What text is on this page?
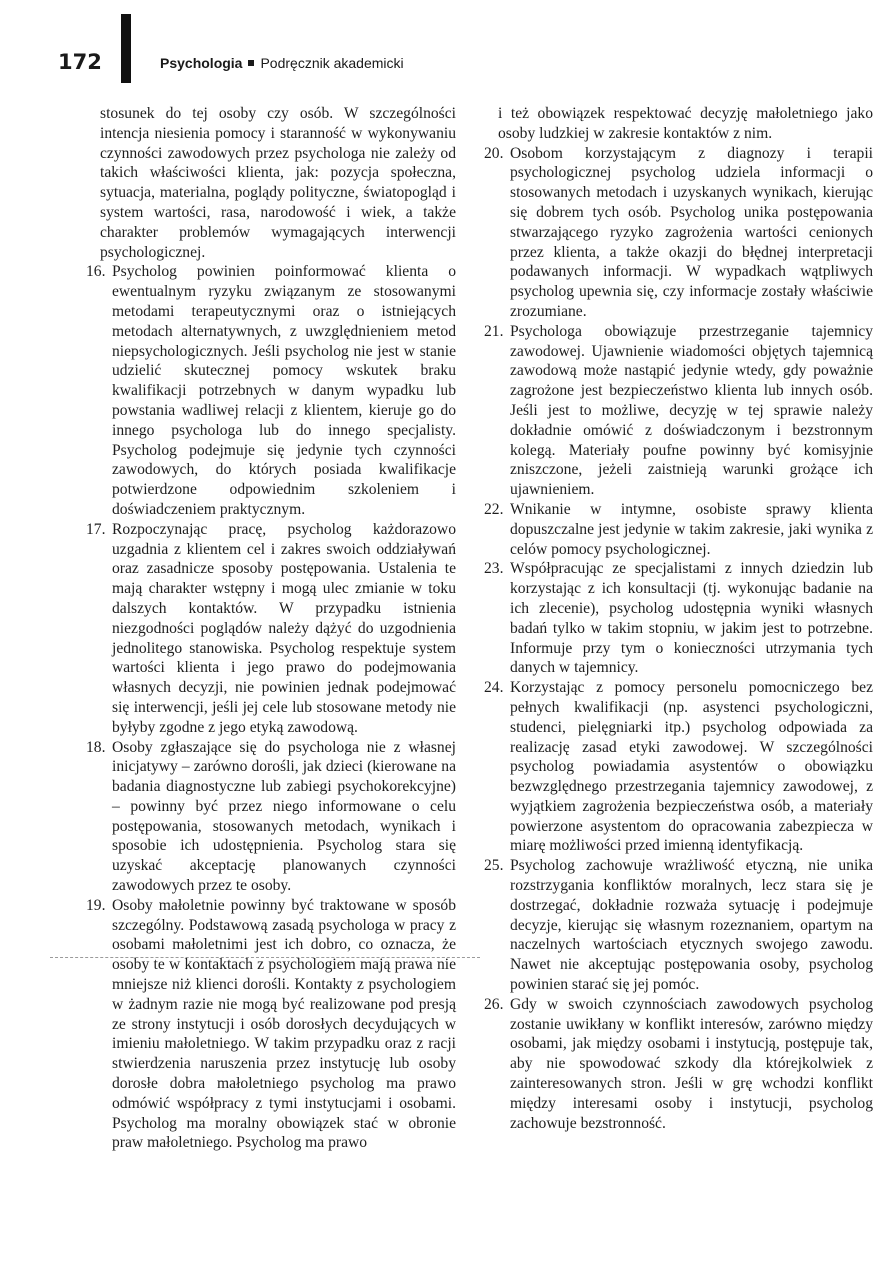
172	Psychologia Podręcznik akademicki

stosunek do tej osoby czy osób. W szczególności intencja niesienia pomocy i staranność w wykonywaniu czynności zawodowych przez psychologa nie zależy od takich właściwości klienta, jak: pozycja społeczna, sytuacja, materialna, poglądy polityczne, światopogląd i system wartości, rasa, narodowość i wiek, a także charakter problemów wymagających interwencji psychologicznej.

16. Psycholog powinien poinformować klienta o ewentualnym ryzyku związanym ze stosowanymi metodami terapeutycznymi oraz o istniejących metodach alternatywnych, z uwzględnieniem metod niepsychologicznych. Jeśli psycholog nie jest w stanie udzielić skutecznej pomocy wskutek braku kwalifikacji potrzebnych w danym wypadku lub powstania wadliwej relacji z klientem, kieruje go do innego psychologa lub do innego specjalisty. Psycholog podejmuje się jedynie tych czynności zawodowych, do których posiada kwalifikacje potwierdzone odpowiednim szkoleniem i doświadczeniem praktycznym.
17. Rozpoczynając pracę, psycholog każdorazowo uzgadnia z klientem cel i zakres swoich oddziaływań oraz zasadnicze sposoby postępowania. Ustalenia te mają charakter wstępny i mogą ulec zmianie w toku dalszych kontaktów. W przypadku istnienia niezgodności poglądów należy dążyć do uzgodnienia jednolitego stanowiska. Psycholog respektuje system wartości klienta i jego prawo do podejmowania własnych decyzji, nie powinien jednak podejmować się interwencji, jeśli jej cele lub stosowane metody nie byłyby zgodne z jego etyką zawodową.
18. Osoby zgłaszające się do psychologa nie z własnej inicjatywy – zarówno dorośli, jak dzieci (kierowane na badania diagnostyczne lub zabiegi psychokorekcyjne) – powinny być przez niego informowane o celu postępowania, stosowanych metodach, wynikach i sposobie ich udostępnienia. Psycholog stara się uzyskać akceptację planowanych czynności zawodowych przez te osoby.
19. Osoby małoletnie powinny być traktowane w sposób szczególny. Podstawową zasadą psychologa w pracy z osobami małoletnimi jest ich dobro, co oznacza, że osoby te w kontaktach z psychologiem mają prawa nie mniejsze niż klienci dorośli. Kontakty z psychologiem w żadnym razie nie mogą być realizowane pod presją ze strony instytucji i osób dorosłych decydujących w imieniu małoletniego. W takim przypadku oraz z racji stwierdzenia naruszenia przez instytucję lub osoby dorosłe dobra małoletniego psycholog ma prawo odmówić współpracy z tymi instytucjami i osobami. Psycholog ma moralny obowiązek stać w obronie praw małoletniego. Psycholog ma prawo

i też obowiązek respektować decyzję małoletniego jako osoby ludzkiej w zakresie kontaktów z nim.

20. Osobom korzystającym z diagnozy i terapii psychologicznej psycholog udziela informacji o stosowanych metodach i uzyskanych wynikach, kierując się dobrem tych osób. Psycholog unika postępowania stwarzającego ryzyko zagrożenia wartości cenionych przez klienta, a także okazji do błędnej interpretacji podawanych informacji. W wypadkach wątpliwych psycholog upewnia się, czy informacje zostały właściwie zrozumiane.
21. Psychologa obowiązuje przestrzeganie tajemnicy zawodowej. Ujawnienie wiadomości objętych tajemnicą zawodową może nastąpić jedynie wtedy, gdy poważnie zagrożone jest bezpieczeństwo klienta lub innych osób. Jeśli jest to możliwe, decyzję w tej sprawie należy dokładnie omówić z doświadczonym i bezstronnym kolegą. Materiały poufne powinny być komisyjnie zniszczone, jeżeli zaistnieją warunki grożące ich ujawnieniem.
22. Wnikanie w intymne, osobiste sprawy klienta dopuszczalne jest jedynie w takim zakresie, jaki wynika z celów pomocy psychologicznej.
23. Współpracując ze specjalistami z innych dziedzin lub korzystając z ich konsultacji (tj. wykonując badanie na ich zlecenie), psycholog udostępnia wyniki własnych badań tylko w takim stopniu, w jakim jest to potrzebne. Informuje przy tym o konieczności utrzymania tych danych w tajemnicy.
24. Korzystając z pomocy personelu pomocniczego bez pełnych kwalifikacji (np. asystenci psychologiczni, studenci, pielęgniarki itp.) psycholog odpowiada za realizację zasad etyki zawodowej. W szczególności psycholog powiadamia asystentów o obowiązku bezwzględnego przestrzegania tajemnicy zawodowej, z wyjątkiem zagrożenia bezpieczeństwa osób, a materiały powierzone asystentom do opracowania zabezpiecza w miarę możliwości przed imienną identyfikacją.
25. Psycholog zachowuje wrażliwość etyczną, nie unika rozstrzygania konfliktów moralnych, lecz stara się je dostrzegać, dokładnie rozważa sytuację i podejmuje decyzje, kierując się własnym rozeznaniem, opartym na naczelnych wartościach etycznych swojego zawodu. Nawet nie akceptując postępowania osoby, psycholog powinien starać się jej pomóc.
26. Gdy w swoich czynnościach zawodowych psycholog zostanie uwikłany w konflikt interesów, zarówno między osobami, jak między osobami i instytucją, postępuje tak, aby nie spowodować szkody dla którejkolwiek z zainteresowanych stron. Jeśli w grę wchodzi konflikt między interesami osoby i instytucji, psycholog zachowuje bezstronność.
